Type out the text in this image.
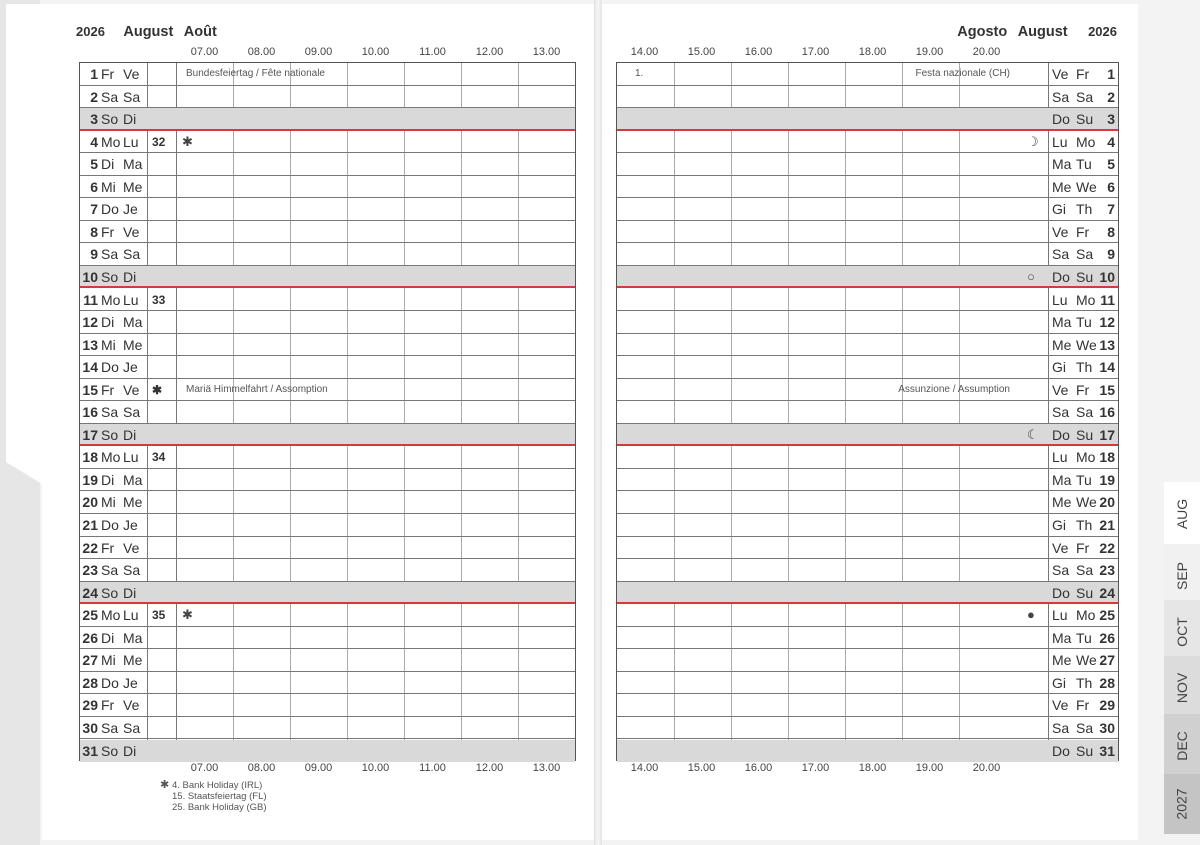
2026 August Août	Agosto August 2026
07.00	08.00	09.00	10.00	11.00	12.00	13.00
07.00	08.00	09.00	10.00	11.00	12.00	13.00
14.00	15.00	16.00	17.00	18.00	19.00	20.00
14.00	15.00	16.00	17.00	18.00	19.00	20.00
1 Fr Ve	Bundesfeiertag / Fête nationale
2 Sa Sa
3 So Di
4 Mo Lu 32 ✱
5 Di Ma
6 Mi Me
7 Do Je
8 Fr Ve
9 Sa Sa
10 So Di
11 Mo Lu 33
12 Di Ma
13 Mi Me
14 Do Je
15 Fr Ve ✱ Mariä Himmelfahrt / Assomption
16 Sa Sa
17 So Di
18 Mo Lu 34
19 Di Ma
20 Mi Me
21 Do Je
22 Fr Ve
23 Sa Sa
24 So Di
25 Mo Lu 35 ✱
26 Di Ma
27 Mi Me
28 Do Je
29 Fr Ve
30 Sa Sa
31 So Di
1.	Festa nazionale (CH)	Ve Fr 1
Sa Sa 2
Do Su 3
☽ Lu Mo 4
Ma Tu 5
Me We 6
Gi Th 7
Ve Fr 8
Sa Sa 9
○ Do Su 10
Lu Mo 11
Ma Tu 12
Me We 13
Gi Th 14
Assunzione / Assumption	Ve Fr 15
Sa Sa 16
☾ Do Su 17
Lu Mo 18
Ma Tu 19
Me We 20
Gi Th 21
Ve Fr 22
Sa Sa 23
Do Su 24
● Lu Mo 25
Ma Tu 26
Me We 27
Gi Th 28
Ve Fr 29
Sa Sa 30
Do Su 31
✱ 4. Bank Holiday (IRL)
15. Staatsfeiertag (FL)
25. Bank Holiday (GB)
AUG
SEP
OCT
NOV
DEC
2027
